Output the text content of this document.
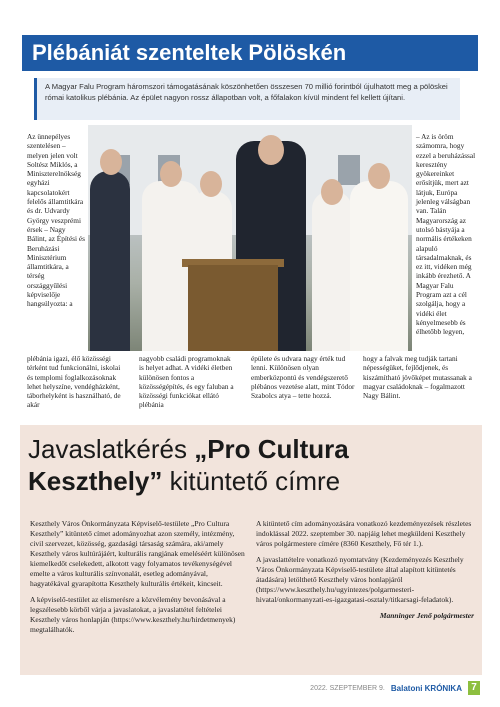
Plébániát szenteltek Pölöskén
A Magyar Falu Program háromszori támogatásának köszönhetően összesen 70 millió forintból újulhatott meg a pölöskei római katolikus plébánia. Az épület nagyon rossz állapotban volt, a főfalakon kívül mindent fel kellett újítani.
Az ünnepélyes szentelésen – melyen jelen volt Soltész Miklós, a Miniszterelnökség egyházi kapcsolatokért felelős államtitkára és dr. Udvardy György veszprémi érsek – Nagy Bálint, az Építési és Beruházási Minisztérium államtitkára, a térség országgyűlési képviselője hangsúlyozta: a
– Az is öröm számomra, hogy ezzel a beruházással keresztény gyökereinket erősítjük, mert azt látjuk, Európa jelenleg válságban van. Talán Magyarország az utolsó bástyája a normális értékeken alapuló társadalmaknak, és ez itt, vidéken még inkább érezhető. A Magyar Falu Program azt a cél szolgálja, hogy a vidéki élet kényelmesebb és élhetőbb legyen,
plébánia igazi, élő közösségi térként tud funkcionálni, iskolai és templomi foglalkozásoknak lehet helyszíne, vendégházként, táborhelyként is használható, de akár
nagyobb családi programoknak is helyet adhat. A vidéki életben különösen fontos a közösségépítés, és egy faluban a közösségi funkciókat ellátó plébánia
épülete és udvara nagy érték tud lenni. Különösen olyan emberközpontú és vendégszerető plébános vezetése alatt, mint Tódor Szabolcs atya – tette hozzá.
hogy a falvak meg tudják tartani népességüket, fejlődjenek, és kiszámítható jövőképet mutassanak a magyar családoknak – fogalmazott Nagy Bálint.
Javaslatkérés „Pro Cultura
Keszthely” kitüntető címre

Keszthely Város Önkormányzata Képviselő-testülete „Pro Cultura Keszthely” kitüntető címet adományozhat azon személy, intézmény, civil szervezet, közösség, gazdasági társaság számára, aki/amely Keszthely város kultúrájáért, kulturális rangjának emeléséért különösen kiemelkedőt cselekedett, alkotott vagy folyamatos tevékenységével emelte a város kulturális színvonalát, esetleg adományával, hagyatékával gyarapította Keszthely kulturális értékeit, kincseit.

A képviselő-testület az elismerésre a közvélemény bevonásával a legszélesebb körből várja a javaslatokat, a javaslattétel feltételei Keszthely város honlapján (https://www.keszthely.hu/hirdetmenyek) megtalálhatók.

A kitüntető cím adományozására vonatkozó kezdeményezések részletes indoklással 2022. szeptember 30. napjáig lehet megküldeni Keszthely város polgármestere címére (8360 Keszthely, Fő tér 1.).

A javaslattételre vonatkozó nyomtatvány (Kezdeményezés Keszthely Város Önkormányzata Képviselő-testülete által alapított kitüntetés átadására) letölthető Keszthely város honlapjáról (https://www.keszthely.hu/ugyintezes/polgarmesteri-hivatal/onkormanyzati-es-igazgatasi-osztaly/titkarsagi-feladatok).

Manninger Jenő polgármester

2022. SZEPTEMBER 9. Balatoni KRÓNIKA 7
